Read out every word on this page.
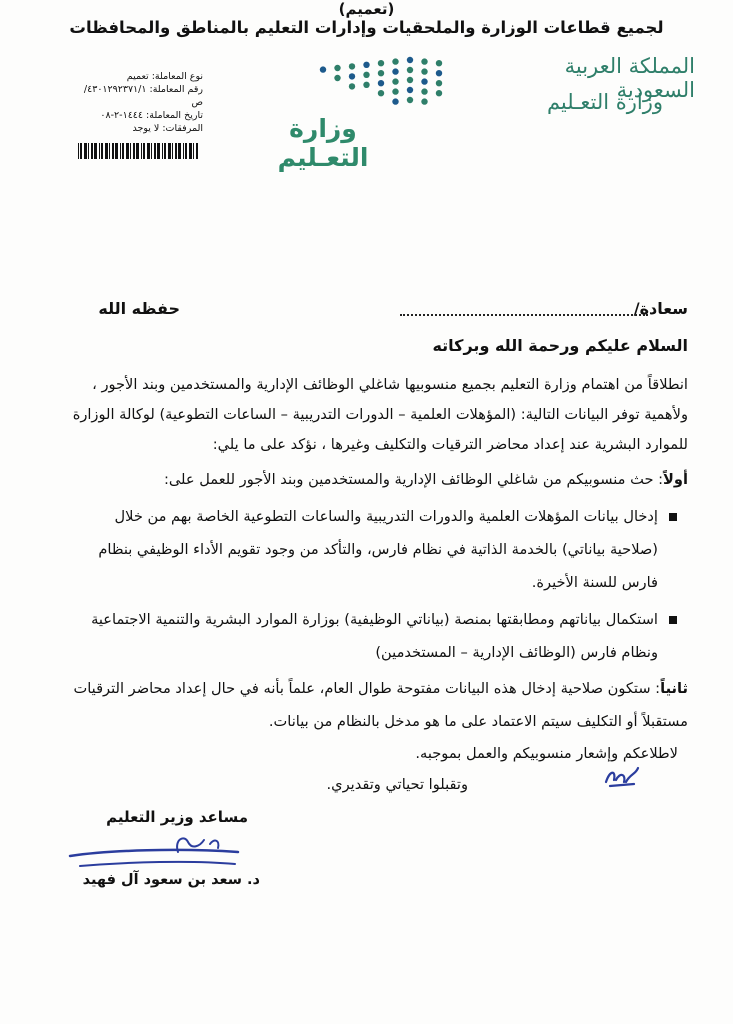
المملكة العربية السعودية
وزارة التعـليم
وزارة التعـليم
نوع المعاملة: تعميم
رقم المعاملة: ٤٣٠١٢٩٢٣٧١/١/ص
تاريخ المعاملة: ١٤٤٤-٢-٠٨
المرفقات: لا يوجد
(تعميم)
لجميع قطاعات الوزارة والملحقيات وإدارات التعليم بالمناطق والمحافظات
سعادة/
حفظه الله
السلام عليكم ورحمة الله وبركاته
انطلاقاً من اهتمام وزارة التعليم بجميع منسوبيها شاغلي الوظائف الإدارية والمستخدمين وبند الأجور ،
ولأهمية توفر البيانات التالية: (المؤهلات العلمية – الدورات التدريبية – الساعات التطوعية) لوكالة الوزارة
للموارد البشرية عند إعداد محاضر الترقيات والتكليف وغيرها ، نؤكد على ما يلي:
أولاً: حث منسوبيكم من شاغلي الوظائف الإدارية والمستخدمين وبند الأجور للعمل على:
إدخال بيانات المؤهلات العلمية والدورات التدريبية والساعات التطوعية الخاصة بهم من خلال
(صلاحية بياناتي) بالخدمة الذاتية في نظام فارس، والتأكد من وجود تقويم الأداء الوظيفي بنظام
فارس للسنة الأخيرة.
استكمال بياناتهم ومطابقتها بمنصة (بياناتي الوظيفية) بوزارة الموارد البشرية والتنمية الاجتماعية
ونظام فارس (الوظائف الإدارية – المستخدمين)
ثانياً: ستكون صلاحية إدخال هذه البيانات مفتوحة طوال العام، علماً بأنه في حال إعداد محاضر الترقيات
مستقبلاً أو التكليف سيتم الاعتماد على ما هو مدخل بالنظام من بيانات.
لاطلاعكم وإشعار منسوبيكم والعمل بموجبه.
وتقبلوا تحياتي وتقديري.
مساعد وزير التعليم
د. سعد بن سعود آل فهيد
